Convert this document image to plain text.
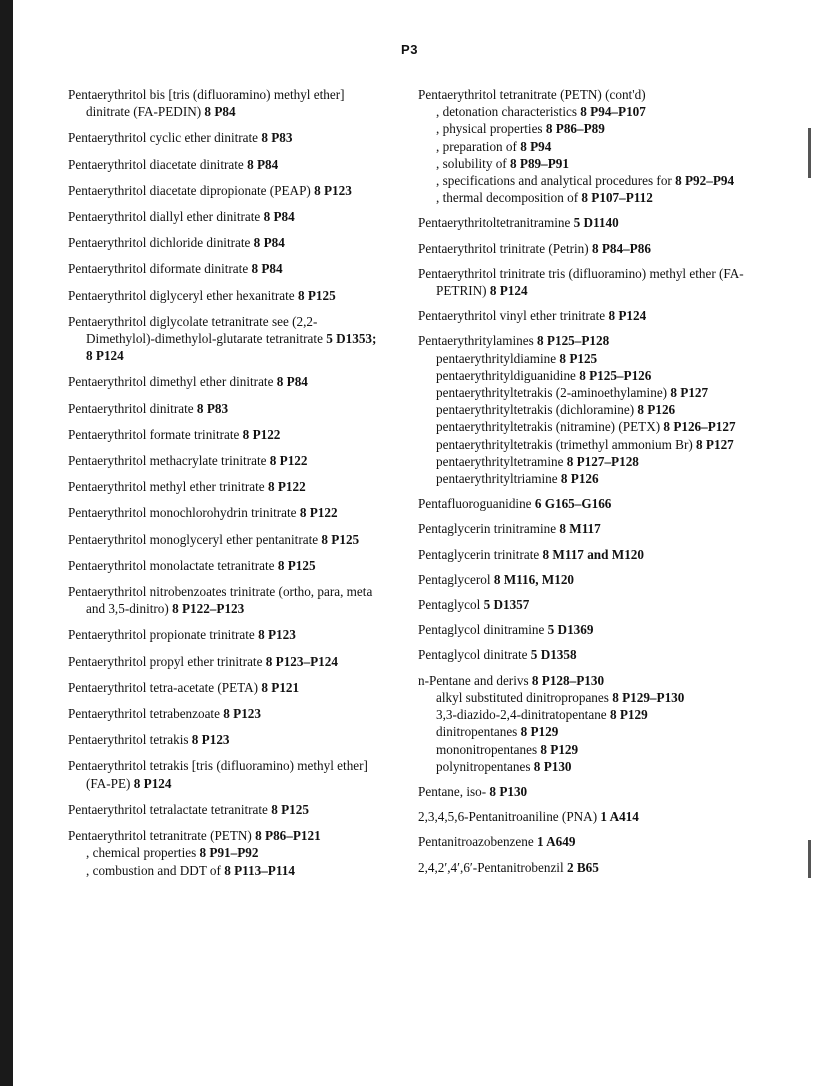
P3
Pentaerythritol bis [tris (difluoramino) methyl ether] dinitrate (FA-PEDIN) 8 P84
Pentaerythritol cyclic ether dinitrate 8 P83
Pentaerythritol diacetate dinitrate 8 P84
Pentaerythritol diacetate dipropionate (PEAP) 8 P123
Pentaerythritol diallyl ether dinitrate 8 P84
Pentaerythritol dichloride dinitrate 8 P84
Pentaerythritol diformate dinitrate 8 P84
Pentaerythritol diglyceryl ether hexanitrate 8 P125
Pentaerythritol diglycolate tetranitrate see (2,2-Dimethylol)-dimethylol-glutarate tetranitrate 5 D1353; 8 P124
Pentaerythritol dimethyl ether dinitrate 8 P84
Pentaerythritol dinitrate 8 P83
Pentaerythritol formate trinitrate 8 P122
Pentaerythritol methacrylate trinitrate 8 P122
Pentaerythritol methyl ether trinitrate 8 P122
Pentaerythritol monochlorohydrin trinitrate 8 P122
Pentaerythritol monoglyceryl ether pentanitrate 8 P125
Pentaerythritol monolactate tetranitrate 8 P125
Pentaerythritol nitrobenzoates trinitrate (ortho, para, meta and 3,5-dinitro) 8 P122–P123
Pentaerythritol propionate trinitrate 8 P123
Pentaerythritol propyl ether trinitrate 8 P123–P124
Pentaerythritol tetra-acetate (PETA) 8 P121
Pentaerythritol tetrabenzoate 8 P123
Pentaerythritol tetrakis 8 P123
Pentaerythritol tetrakis [tris (difluoramino) methyl ether] (FA-PE) 8 P124
Pentaerythritol tetralactate tetranitrate 8 P125
Pentaerythritol tetranitrate (PETN) 8 P86–P121
, chemical properties 8 P91–P92
, combustion and DDT of 8 P113–P114
Pentaerythritol tetranitrate (PETN) (cont'd)
, detonation characteristics 8 P94–P107
, physical properties 8 P86–P89
, preparation of 8 P94
, solubility of 8 P89–P91
, specifications and analytical procedures for 8 P92–P94
, thermal decomposition of 8 P107–P112
Pentaerythritoltetranitramine 5 D1140
Pentaerythritol trinitrate (Petrin) 8 P84–P86
Pentaerythritol trinitrate tris (difluoramino) methyl ether (FA-PETRIN) 8 P124
Pentaerythritol vinyl ether trinitrate 8 P124
Pentaerythritylamines 8 P125–P128
pentaerythrityldiamine 8 P125
pentaerythrityldiguanidine 8 P125–P126
pentaerythrityltetrakis (2-aminoethylamine) 8 P127
pentaerythrityltetrakis (dichloramine) 8 P126
pentaerythrityltetrakis (nitramine) (PETX) 8 P126–P127
pentaerythrityltetrakis (trimethyl ammonium Br) 8 P127
pentaerythrityltetramine 8 P127–P128
pentaerythrityltriamine 8 P126
Pentafluoroguanidine 6 G165–G166
Pentaglycerin trinitramine 8 M117
Pentaglycerin trinitrate 8 M117 and M120
Pentaglycerol 8 M116, M120
Pentaglycol 5 D1357
Pentaglycol dinitramine 5 D1369
Pentaglycol dinitrate 5 D1358
n-Pentane and derivs 8 P128–P130
alkyl substituted dinitropropanes 8 P129–P130
3,3-diazido-2,4-dinitratopentane 8 P129
dinitropentanes 8 P129
mononitropentanes 8 P129
polynitropentanes 8 P130
Pentane, iso- 8 P130
2,3,4,5,6-Pentanitroaniline (PNA) 1 A414
Pentanitroazobenzene 1 A649
2,4,2′,4′,6′-Pentanitrobenzil 2 B65
